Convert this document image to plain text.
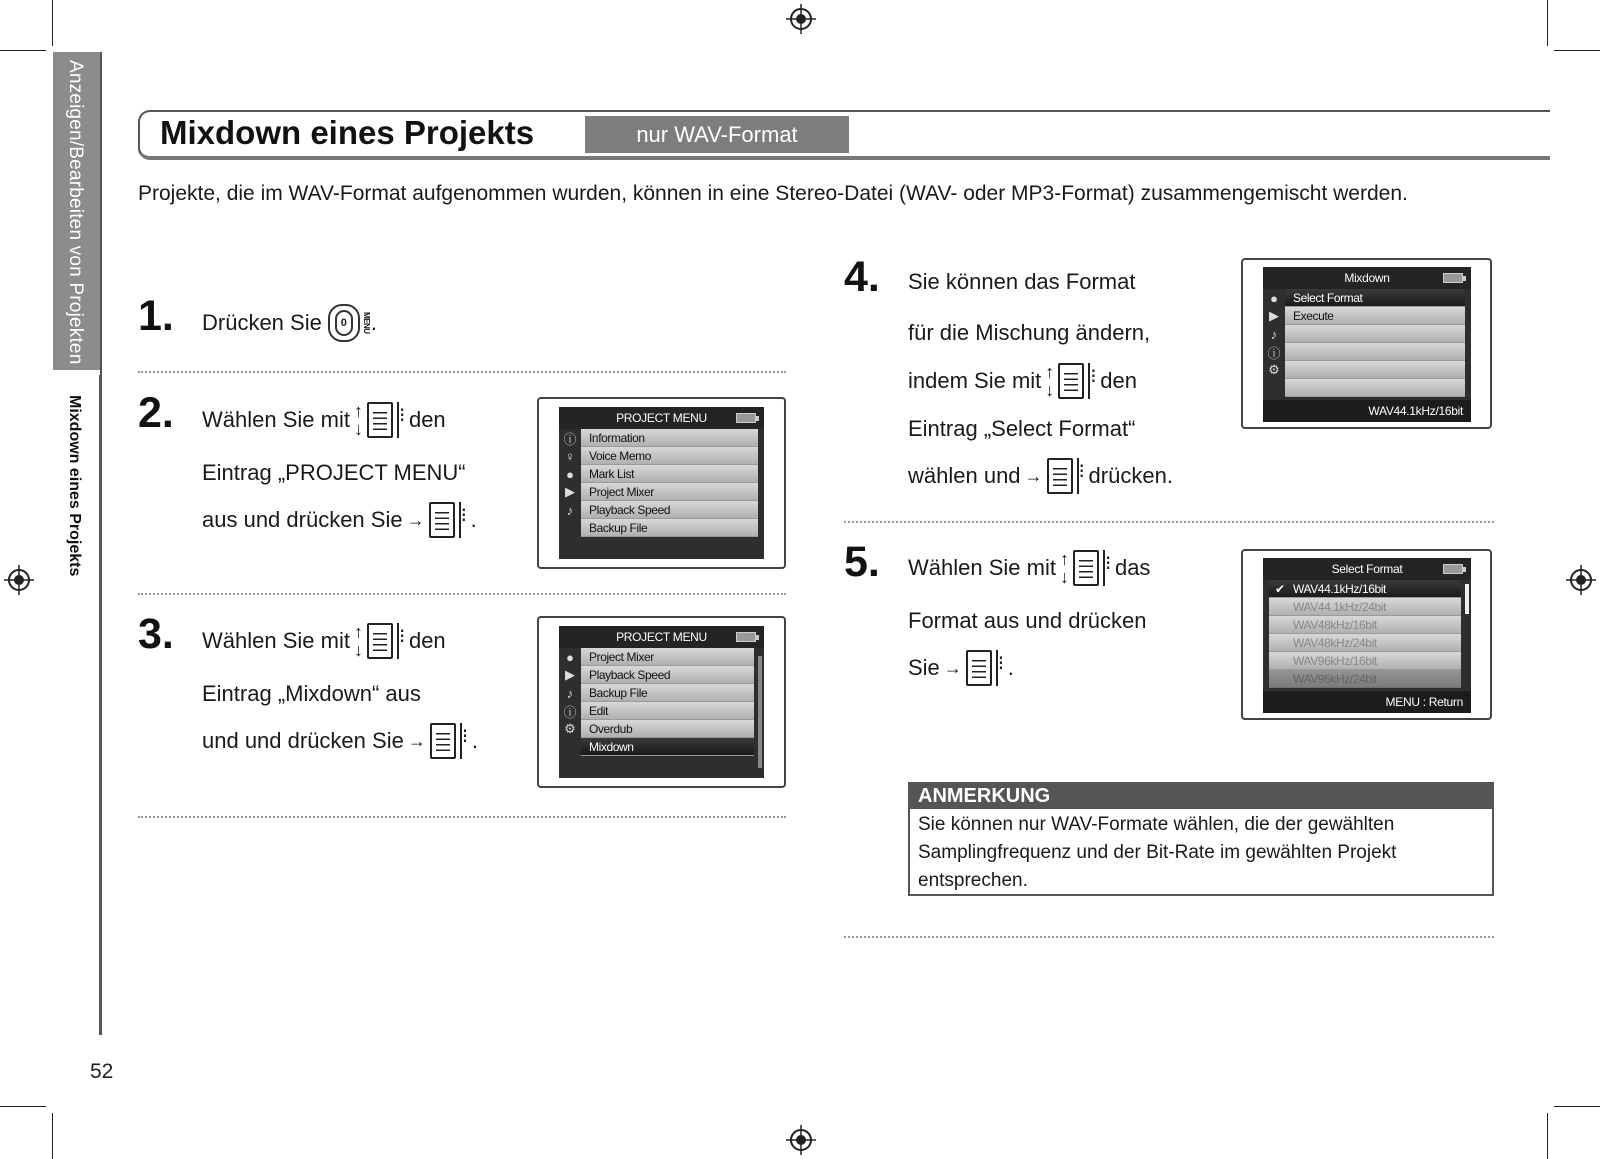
Anzeigen/Bearbeiten von Projekten
Mixdown eines Projekts
52
Mixdown eines Projekts	nur WAV-Format
Projekte, die im WAV-Format aufgenommen wurden, können in eine Stereo-Datei (WAV- oder MP3-Format) zusammengemischt werden.
1. Drücken Sie	0	MENU .
2. Wählen Sie mit ↑
↓ ⁝ den
Eintrag „PROJECT MENU“
aus und drücken Sie → ⁝ .
PROJECT MENU
ⓘ
♀
●
▶
♪
Information
Voice Memo
Mark List
Project Mixer
Playback Speed
Backup File
3. Wählen Sie mit ↑
↓ ⁝ den
Eintrag „Mixdown“ aus
und und drücken Sie → ⁝ .
PROJECT MENU
●
▶
♪
ⓘ
⚙
Project Mixer
Playback Speed
Backup File
Edit
Overdub
Mixdown
4. Sie können das Format
für die Mischung ändern,
indem Sie mit ↑
↓ ⁝ den
Eintrag „Select Format“
wählen und → ⁝ drücken.
Mixdown
●
▶
♪
ⓘ
⚙
Select Format
Execute
WAV44.1kHz/16bit
5. Wählen Sie mit ↑
↓ ⁝ das
Format aus und drücken
Sie → ⁝ .
Select Format
✔ WAV44.1kHz/16bit
WAV44.1kHz/24bit
WAV48kHz/16bit
WAV48kHz/24bit
WAV96kHz/16bit
WAV96kHz/24bit
MENU : Return
ANMERKUNG
Sie können nur WAV-Formate wählen, die der gewählten Samplingfrequenz und der Bit-Rate im gewählten Projekt entsprechen.
